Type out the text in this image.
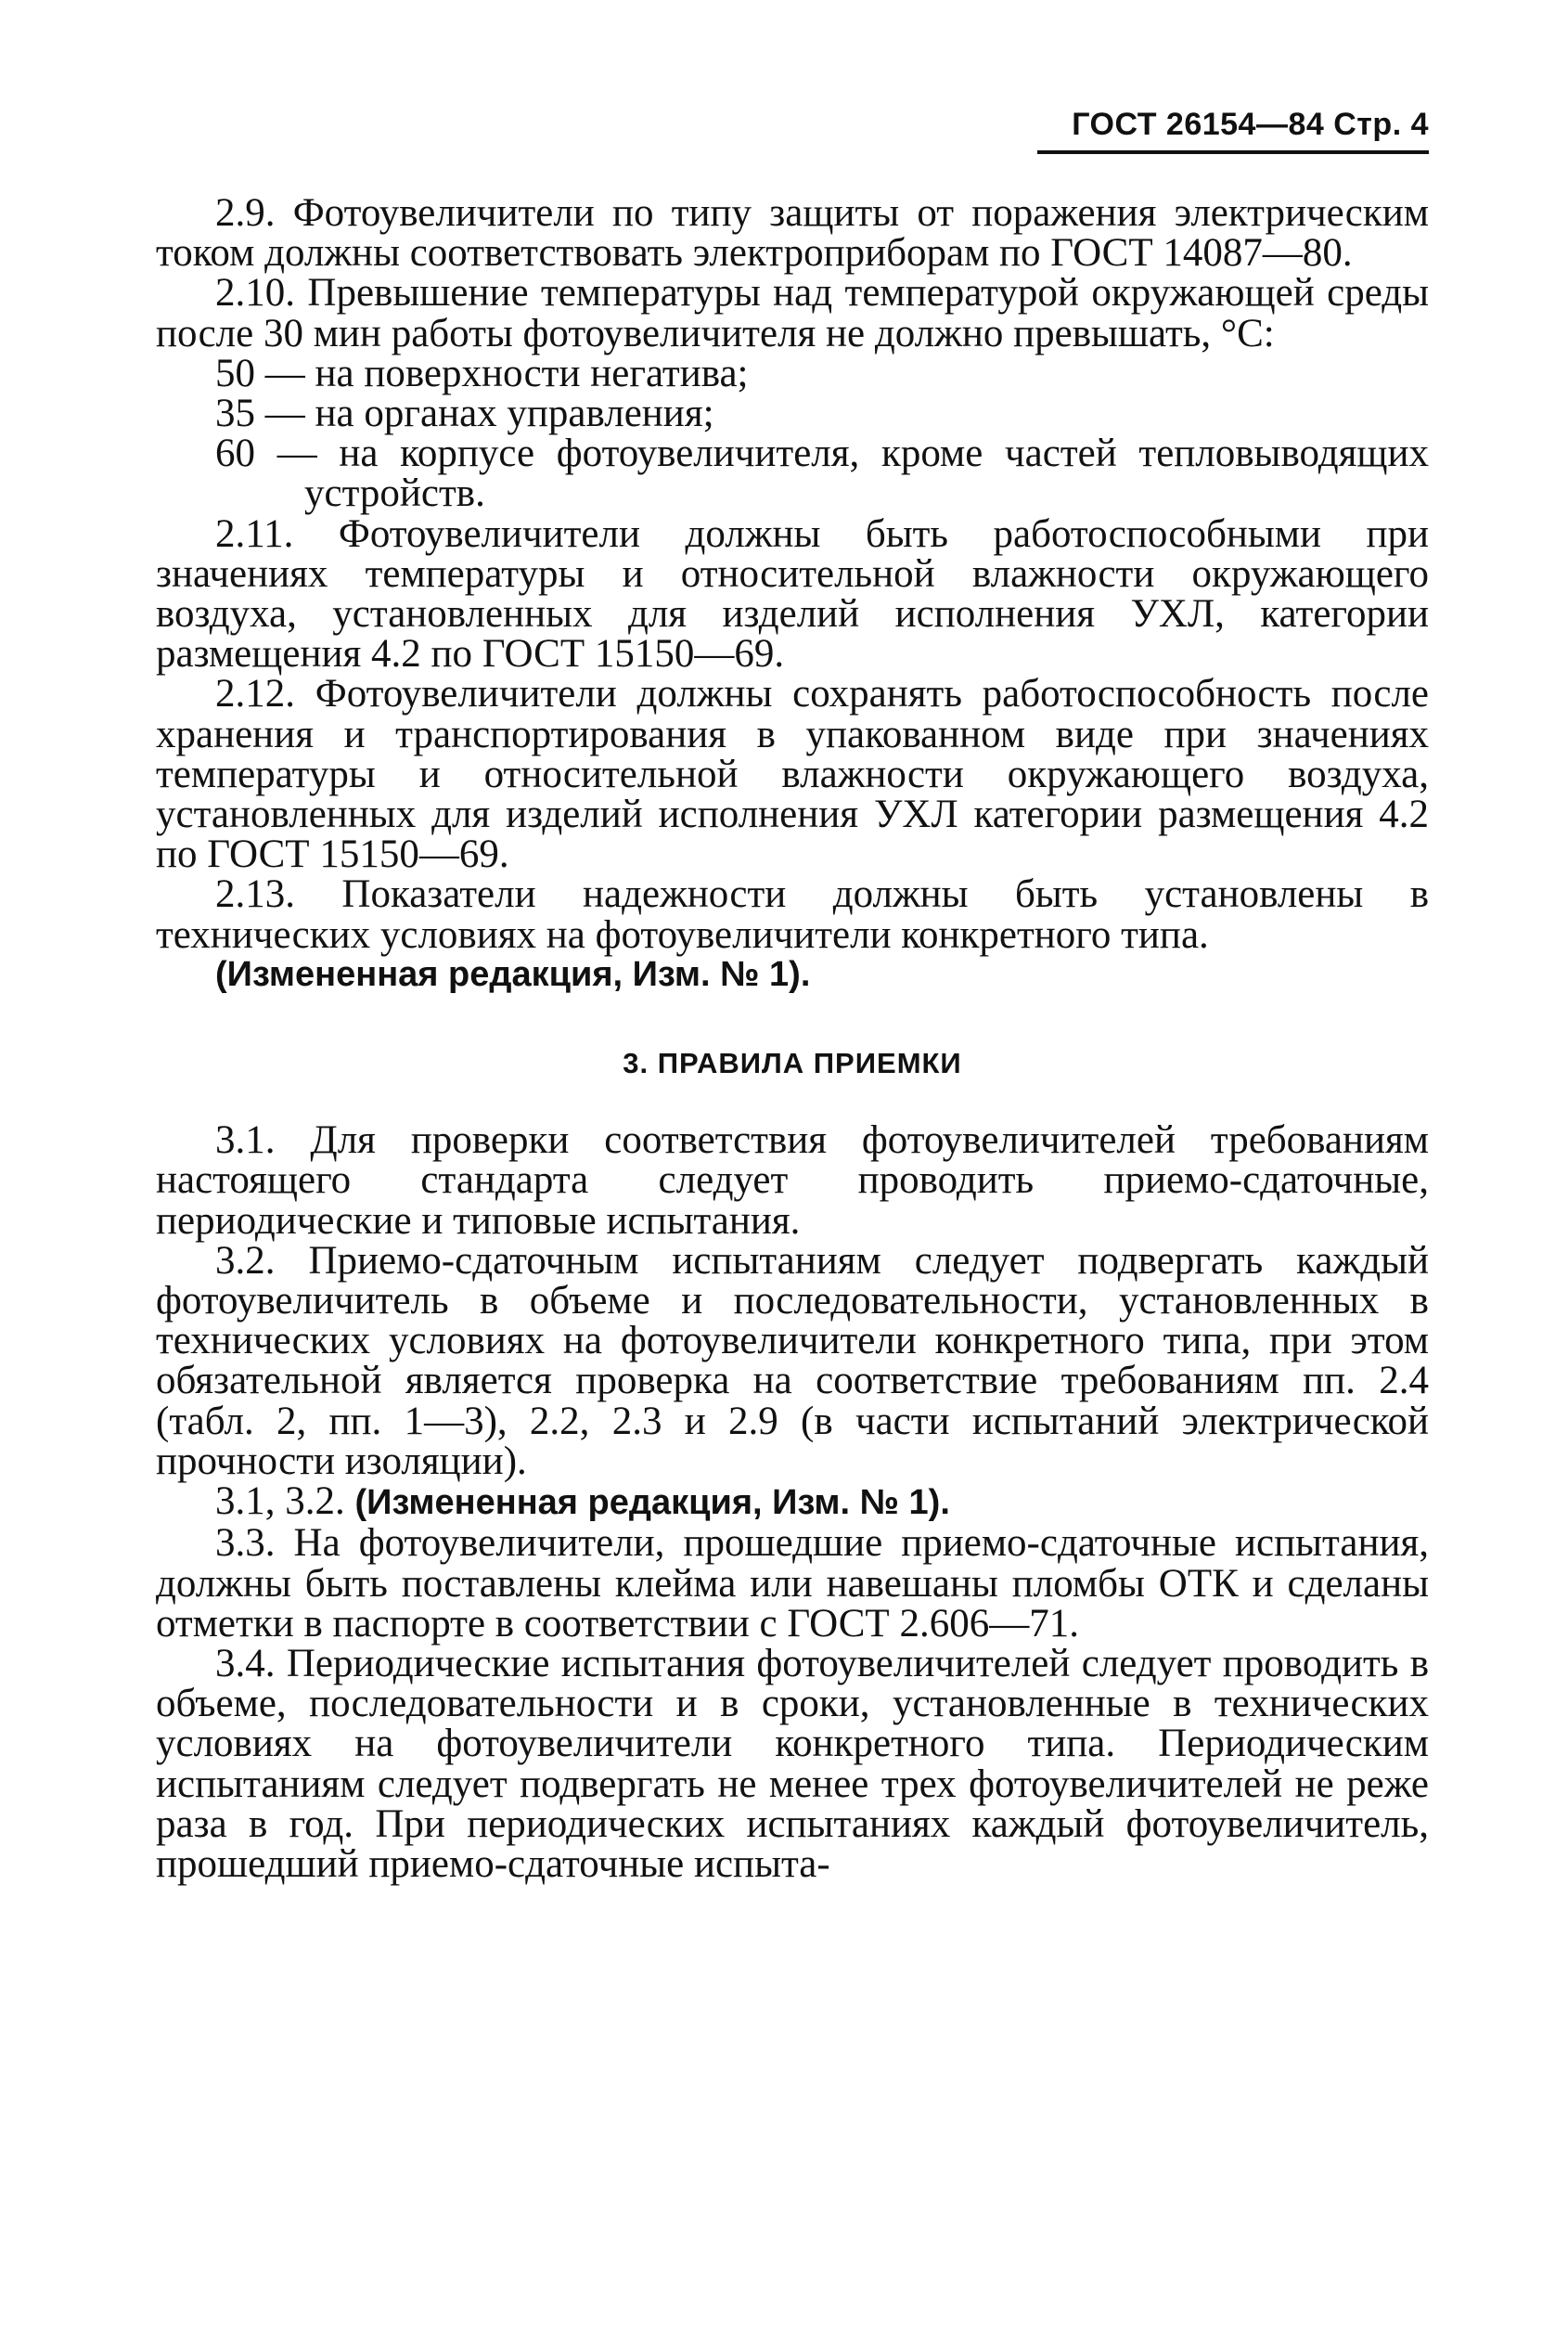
ГОСТ 26154—84 Стр. 4

2.9. Фотоувеличители по типу защиты от поражения электрическим током должны соответствовать электроприборам по ГОСТ 14087—80.

2.10. Превышение температуры над температурой окружающей среды после 30 мин работы фотоувеличителя не должно превышать, °С:

50 — на поверхности негатива;

35 — на органах управления;

60 — на корпусе фотоувеличителя, кроме частей тепловыводящих устройств.

2.11. Фотоувеличители должны быть работоспособными при значениях температуры и относительной влажности окружающего воздуха, установленных для изделий исполнения УХЛ, категории размещения 4.2 по ГОСТ 15150—69.

2.12. Фотоувеличители должны сохранять работоспособность после хранения и транспортирования в упакованном виде при значениях температуры и относительной влажности окружающего воздуха, установленных для изделий исполнения УХЛ категории размещения 4.2 по ГОСТ 15150—69.

2.13. Показатели надежности должны быть установлены в технических условиях на фотоувеличители конкретного типа.

(Измененная редакция, Изм. № 1).

3. ПРАВИЛА ПРИЕМКИ

3.1. Для проверки соответствия фотоувеличителей требованиям настоящего стандарта следует проводить приемо-сдаточные, периодические и типовые испытания.

3.2. Приемо-сдаточным испытаниям следует подвергать каждый фотоувеличитель в объеме и последовательности, установленных в технических условиях на фотоувеличители конкретного типа, при этом обязательной является проверка на соответствие требованиям пп. 2.4 (табл. 2, пп. 1—3), 2.2, 2.3 и 2.9 (в части испытаний электрической прочности изоляции).

3.1, 3.2. (Измененная редакция, Изм. № 1).

3.3. На фотоувеличители, прошедшие приемо-сдаточные испытания, должны быть поставлены клейма или навешаны пломбы ОТК и сделаны отметки в паспорте в соответствии с ГОСТ 2.606—71.

3.4. Периодические испытания фотоувеличителей следует проводить в объеме, последовательности и в сроки, установленные в технических условиях на фотоувеличители конкретного типа. Периодическим испытаниям следует подвергать не менее трех фотоувеличителей не реже раза в год. При периодических испытаниях каждый фотоувеличитель, прошедший приемо-сдаточные испыта-
